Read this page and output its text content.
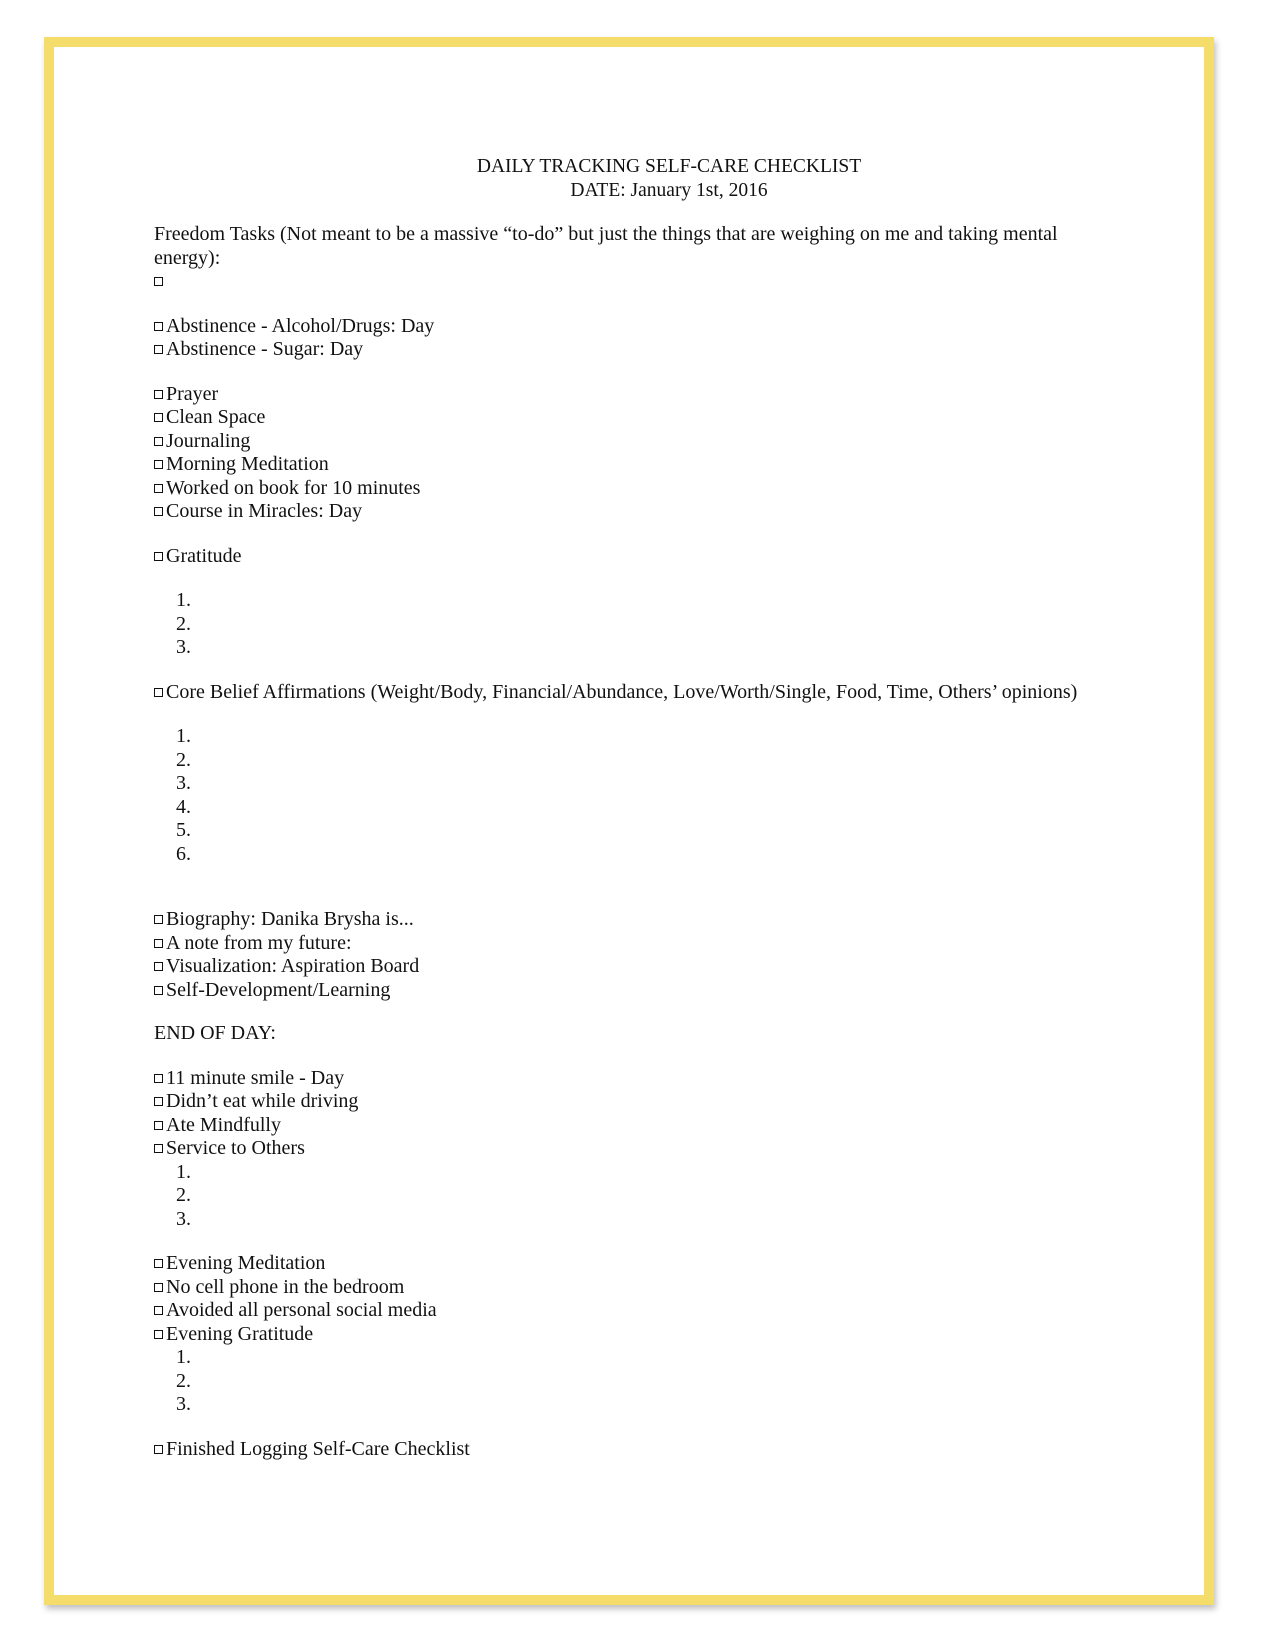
DAILY TRACKING SELF-CARE CHECKLIST
DATE: January 1st, 2016
Freedom Tasks (Not meant to be a massive “to-do” but just the things that are weighing on me and taking mental energy):
Abstinence - Alcohol/Drugs: Day
Abstinence - Sugar: Day
Prayer
Clean Space
Journaling
Morning Meditation
Worked on book for 10 minutes
Course in Miracles: Day
Gratitude
1.
2.
3.
Core Belief Affirmations (Weight/Body, Financial/Abundance, Love/Worth/Single, Food, Time, Others’ opinions)
1.
2.
3.
4.
5.
6.
Biography: Danika Brysha is...
A note from my future:
Visualization: Aspiration Board
Self-Development/Learning
END OF DAY:
11 minute smile - Day
Didn’t eat while driving
Ate Mindfully
Service to Others
1.
2.
3.
Evening Meditation
No cell phone in the bedroom
Avoided all personal social media
Evening Gratitude
1.
2.
3.
Finished Logging Self-Care Checklist
